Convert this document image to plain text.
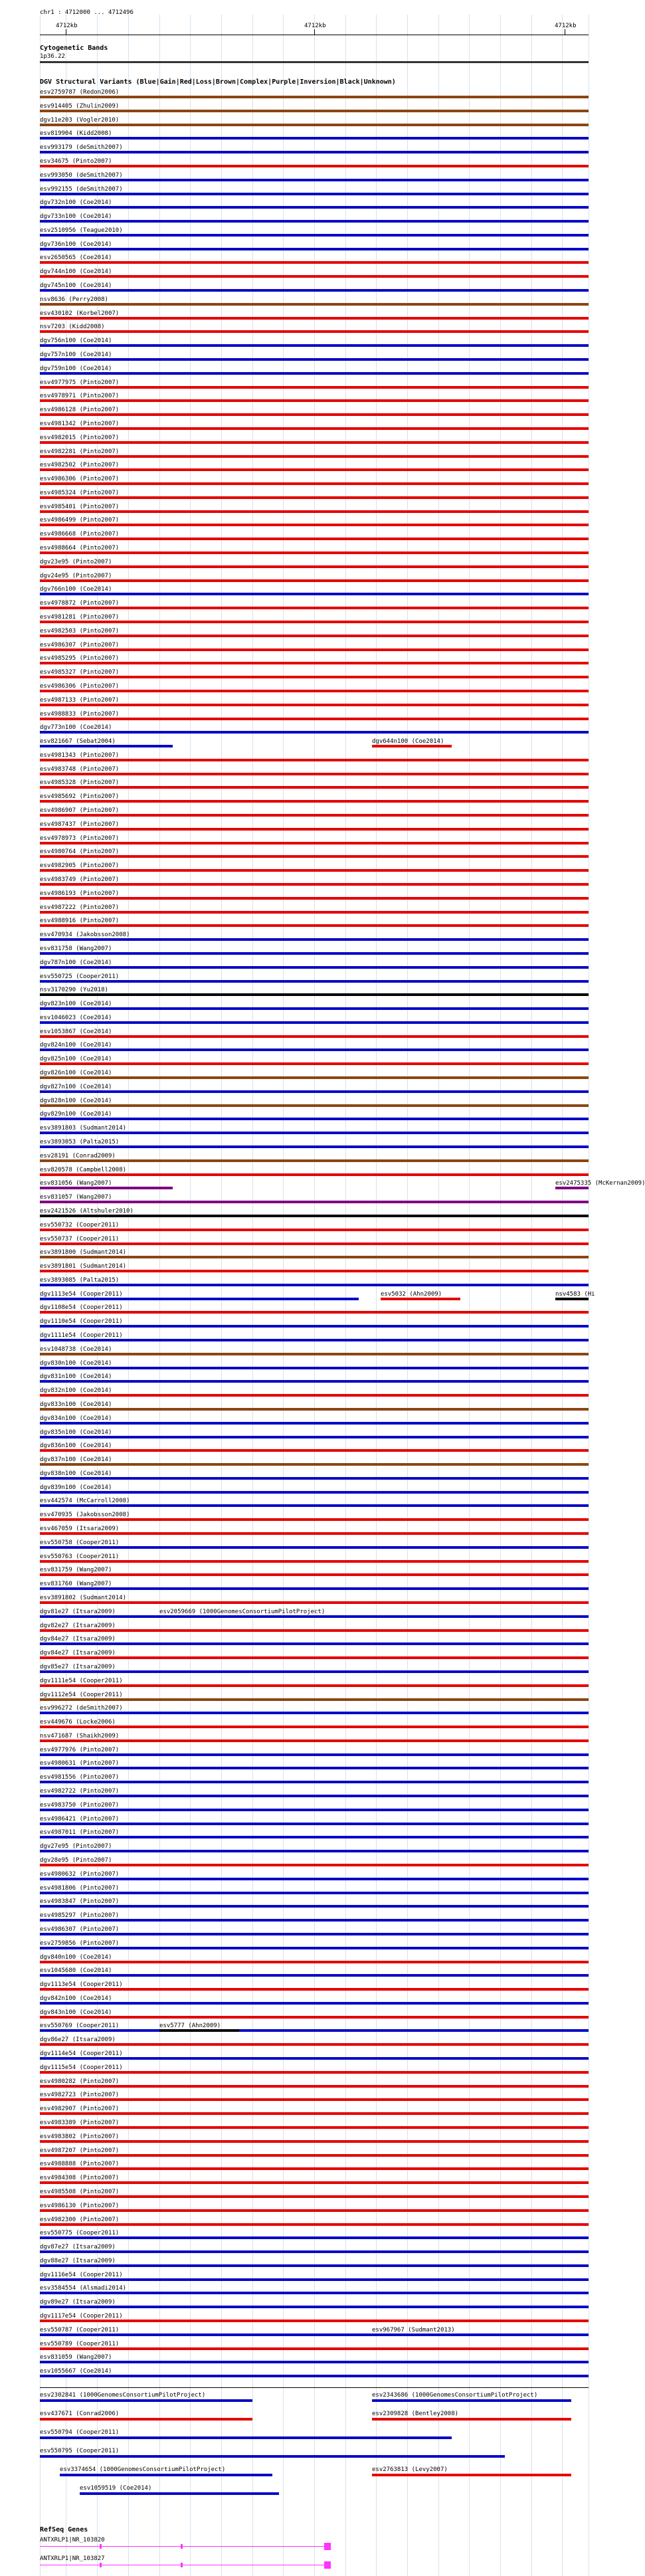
chr1 : 4712000 ... 4712496
4712kb	4712kb	4712kb
Cytogenetic Bands
1p36.22
DGV Structural Variants (Blue|Gain|Red|Loss|Brown|Complex|Purple|Inversion|Black|Unknown)
esv2759787 (Redon2006)
esv914405 (Zhulin2009)
dgv11e203 (Vogler2010)
esv819904 (Kidd2008)
esv993179 (deSmith2007)
esv34675 (Pinto2007)
esv993050 (deSmith2007)
esv992155 (deSmith2007)
dgv732n100 (Coe2014)
dgv733n100 (Coe2014)
esv2510956 (Teague2010)
dgv736n100 (Coe2014)
esv2650565 (Coe2014)
dgv744n100 (Coe2014)
dgv745n100 (Coe2014)
nsv8636 (Perry2008)
esv430102 (Korbel2007)
nsv7203 (Kidd2008)
dgv756n100 (Coe2014)
dgv757n100 (Coe2014)
dgv759n100 (Coe2014)
esv4977975 (Pinto2007)
esv4978971 (Pinto2007)
esv4986128 (Pinto2007)
esv4981342 (Pinto2007)
esv4982015 (Pinto2007)
esv4982281 (Pinto2007)
esv4982502 (Pinto2007)
esv4986306 (Pinto2007)
esv4985324 (Pinto2007)
esv4985401 (Pinto2007)
esv4986499 (Pinto2007)
esv4986668 (Pinto2007)
esv4988664 (Pinto2007)
dgv23e95 (Pinto2007)
dgv24e95 (Pinto2007)
dgv766n100 (Coe2014)
esv4978872 (Pinto2007)
esv4981281 (Pinto2007)
esv4982503 (Pinto2007)
esv4986307 (Pinto2007)
esv4985295 (Pinto2007)
esv4985327 (Pinto2007)
esv4986306 (Pinto2007)
esv4987133 (Pinto2007)
esv4988833 (Pinto2007)
dgv773n100 (Coe2014)
esv821667 (Sebat2004)	dgv644n100 (Coe2014)
esv4981343 (Pinto2007)
esv4983748 (Pinto2007)
esv4985328 (Pinto2007)
esv4985692 (Pinto2007)
esv4986907 (Pinto2007)
esv4987437 (Pinto2007)
esv4978973 (Pinto2007)
esv4980764 (Pinto2007)
esv4982905 (Pinto2007)
esv4983749 (Pinto2007)
esv4986193 (Pinto2007)
esv4987222 (Pinto2007)
esv4988916 (Pinto2007)
esv470934 (Jakobsson2008)
esv831758 (Wang2007)
dgv787n100 (Coe2014)
esv550725 (Cooper2011)
nsv3170290 (Yu2018)
dgv823n100 (Coe2014)
esv1046023 (Coe2014)
esv1053867 (Coe2014)
dgv824n100 (Coe2014)
dgv825n100 (Coe2014)
dgv826n100 (Coe2014)
dgv827n100 (Coe2014)
dgv828n100 (Coe2014)
dgv829n100 (Coe2014)
esv3891803 (Sudmant2014)
esv3893053 (Palta2015)
esv28191 (Conrad2009)
esv820578 (Campbell2008)
esv831056 (Wang2007)	esv2475335 (McKernan2009)
esv831057 (Wang2007)
esv2421526 (Altshuler2010)
esv550732 (Cooper2011)
esv550737 (Cooper2011)
esv3891800 (Sudmant2014)
esv3891801 (Sudmant2014)
esv3893085 (Palta2015)
dgv1113e54 (Cooper2011)	esv5032 (Ahn2009)	nsv4583 (Hi
dgv1108e54 (Cooper2011)
dgv1110e54 (Cooper2011)
dgv1111e54 (Cooper2011)
esv1048738 (Coe2014)
dgv830n100 (Coe2014)
dgv831n100 (Coe2014)
dgv832n100 (Coe2014)
dgv833n100 (Coe2014)
dgv834n100 (Coe2014)
dgv835n100 (Coe2014)
dgv836n100 (Coe2014)
dgv837n100 (Coe2014)
dgv838n100 (Coe2014)
dgv839n100 (Coe2014)
esv442574 (McCarroll2008)
esv470935 (Jakobsson2008)
esv467059 (Itsara2009)
esv550758 (Cooper2011)
esv550763 (Cooper2011)
esv831759 (Wang2007)
esv831760 (Wang2007)
esv3891802 (Sudmant2014)
dgv81e27 (Itsara2009)	esv2059669 (1000GenomesConsortiumPilotProject)
dgv82e27 (Itsara2009)
dgv84e27 (Itsara2009)
dgv84e27 (Itsara2009)
dgv85e27 (Itsara2009)
dgv1111e54 (Cooper2011)
dgv1112e54 (Cooper2011)
esv996272 (deSmith2007)
esv449676 (Locke2006)
nsv471687 (Shaikh2009)
esv4977976 (Pinto2007)
esv4980631 (Pinto2007)
esv4981556 (Pinto2007)
esv4982722 (Pinto2007)
esv4983750 (Pinto2007)
esv4986421 (Pinto2007)
esv4987011 (Pinto2007)
dgv27e95 (Pinto2007)
dgv28e95 (Pinto2007)
esv4980632 (Pinto2007)
esv4981806 (Pinto2007)
esv4983847 (Pinto2007)
esv4985297 (Pinto2007)
esv4986307 (Pinto2007)
esv2759856 (Pinto2007)
dgv840n100 (Coe2014)
esv1045680 (Coe2014)
dgv1113e54 (Cooper2011)
dgv842n100 (Coe2014)
dgv843n100 (Coe2014)
esv550769 (Cooper2011)	esv5777 (Ahn2009)
dgv86e27 (Itsara2009)
dgv1114e54 (Cooper2011)
dgv1115e54 (Cooper2011)
esv4980282 (Pinto2007)
esv4982723 (Pinto2007)
esv4982907 (Pinto2007)
esv4983389 (Pinto2007)
esv4983802 (Pinto2007)
esv4987207 (Pinto2007)
esv4988888 (Pinto2007)
esv4984308 (Pinto2007)
esv4985508 (Pinto2007)
esv4986130 (Pinto2007)
esv4982300 (Pinto2007)
esv550775 (Cooper2011)
dgv87e27 (Itsara2009)
dgv88e27 (Itsara2009)
dgv1116e54 (Cooper2011)
esv3584554 (Alsmadi2014)
dgv89e27 (Itsara2009)
dgv1117e54 (Cooper2011)
esv550787 (Cooper2011)	esv967967 (Sudmant2013)
esv550789 (Cooper2011)
esv831059 (Wang2007)
esv1055667 (Coe2014)
esv2302841 (1000GenomesConsortiumPilotProject)	esv2343686 (1000GenomesConsortiumPilotProject)
esv437671 (Conrad2006)	esv2309828 (Bentley2008)
esv550794 (Cooper2011)
esv550795 (Cooper2011)
esv3374654 (1000GenomesConsortiumPilotProject)	esv2763813 (Levy2007)
esv1059519 (Coe2014)
RefSeq Genes
ANTXRLP1|NR_103820
ANTXRLP1|NR_103827
